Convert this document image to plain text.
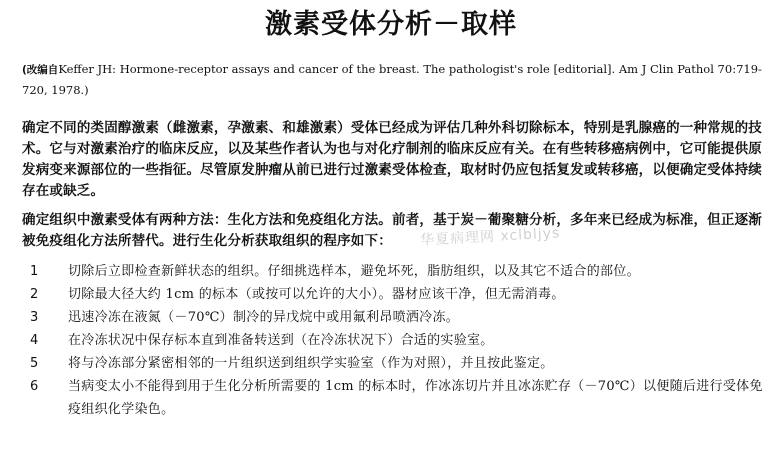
激素受体分析－取样
(改编自Keffer JH: Hormone-receptor assays and cancer of the breast. The pathologist's role [editorial]. Am J Clin Pathol 70:719-720, 1978.)

确定不同的类固醇激素（雌激素，孕激素、和雄激素）受体已经成为评估几种外科切除标本，特别是乳腺癌的一种常规的技术。它与对激素治疗的临床反应，以及某些作者认为也与对化疗制剂的临床反应有关。在有些转移癌病例中，它可能提供原发病变来源部位的一些指征。尽管原发肿瘤从前已进行过激素受体检查，取材时仍应包括复发或转移癌，以便确定受体持续存在或缺乏。

确定组织中激素受体有两种方法：生化方法和免疫组化方法。前者，基于炭－葡聚糖分析，多年来已经成为标准，但正逐渐被免疫组化方法所替代。进行生化分析获取组织的程序如下：	华夏病理网 xclbljys
1	切除后立即检查新鲜状态的组织。仔细挑选样本，避免坏死，脂肪组织，以及其它不适合的部位。
2	切除最大径大约 1cm 的标本（或按可以允许的大小）。器材应该干净，但无需消毒。
3	迅速冷冻在液氮（－70℃）制冷的异戊烷中或用氟利昂喷洒冷冻。
4	在冷冻状况中保存标本直到准备转送到（在冷冻状况下）合适的实验室。
5	将与冷冻部分紧密相邻的一片组织送到组织学实验室（作为对照），并且按此鉴定。
6	当病变太小不能得到用于生化分析所需要的 1cm 的标本时，作冰冻切片并且冰冻贮存（－70℃）以便随后进行受体免疫组织化学染色。
